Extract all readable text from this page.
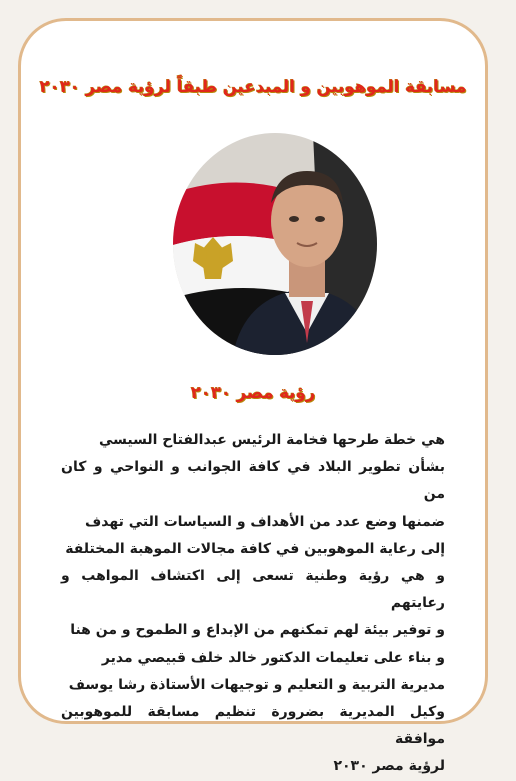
مسابقة الموهوبين و المبدعين طبقاً لرؤية مصر ٢٠٣٠
رؤية مصر ٢٠٣٠

هي خطة طرحها فخامة الرئيس عبدالفتاح السيسي
بشأن تطوير البلاد في كافة الجوانب و النواحي و كان من
ضمنها وضع عدد من الأهداف و السياسات التي تهدف
إلى رعاية الموهوبين في كافة مجالات الموهبة المختلفة
و هي رؤية وطنية تسعى إلى اكتشاف المواهب و رعايتهم
و توفير بيئة لهم تمكنهم من الإبداع و الطموح و من هنا
و بناء على تعليمات الدكتور خالد خلف قبيصي مدير
مديرية التربية و التعليم و توجيهات الأستاذة رشا يوسف
وكيل المديرية بضرورة تنظيم مسابقة للموهوبين موافقة
لرؤية مصر ٢٠٣٠
